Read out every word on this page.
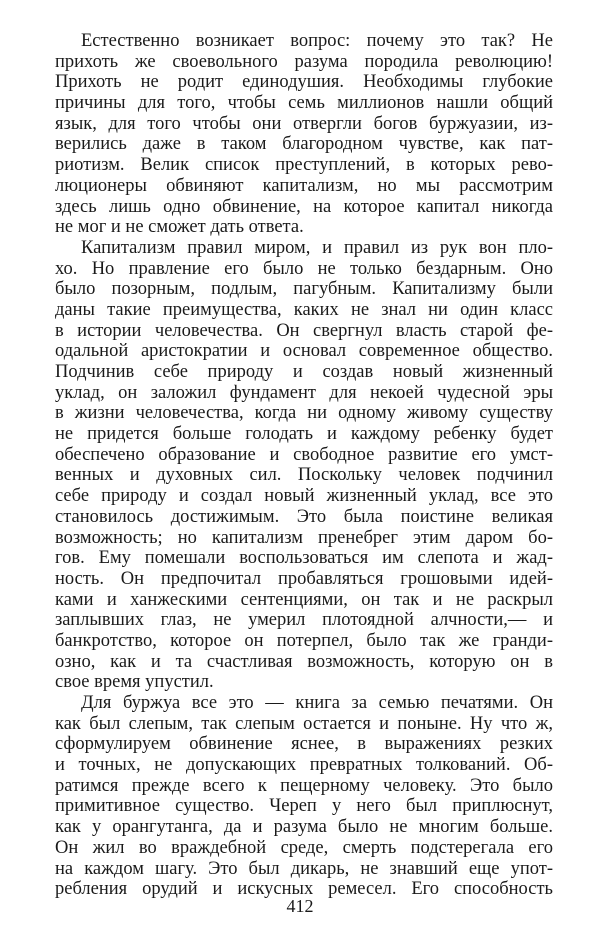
Естественно возникает вопрос: почему это так? Не
прихоть же своевольного разума породила революцию!
Прихоть не родит единодушия. Необходимы глубокие
причины для того, чтобы семь миллионов нашли общий
язык, для того чтобы они отвергли богов буржуазии, из-
верились даже в таком благородном чувстве, как пат-
риотизм. Велик список преступлений, в которых рево-
люционеры обвиняют капитализм, но мы рассмотрим
здесь лишь одно обвинение, на которое капитал никогда
не мог и не сможет дать ответа.
Капитализм правил миром, и правил из рук вон пло-
хо. Но правление его было не только бездарным. Оно
было позорным, подлым, пагубным. Капитализму были
даны такие преимущества, каких не знал ни один класс
в истории человечества. Он свергнул власть старой фе-
одальной аристократии и основал современное общество.
Подчинив себе природу и создав новый жизненный
уклад, он заложил фундамент для некоей чудесной эры
в жизни человечества, когда ни одному живому существу
не придется больше голодать и каждому ребенку будет
обеспечено образование и свободное развитие его умст-
венных и духовных сил. Поскольку человек подчинил
себе природу и создал новый жизненный уклад, все это
становилось достижимым. Это была поистине великая
возможность; но капитализм пренебрег этим даром бо-
гов. Ему помешали воспользоваться им слепота и жад-
ность. Он предпочитал пробавляться грошовыми идей-
ками и ханжескими сентенциями, он так и не раскрыл
заплывших глаз, не умерил плотоядной алчности,— и
банкротство, которое он потерпел, было так же гранди-
озно, как и та счастливая возможность, которую он в
свое время упустил.
Для буржуа все это — книга за семью печатями. Он
как был слепым, так слепым остается и поныне. Ну что ж,
сформулируем обвинение яснее, в выражениях резких
и точных, не допускающих превратных толкований. Об-
ратимся прежде всего к пещерному человеку. Это было
примитивное существо. Череп у него был приплюснут,
как у орангутанга, да и разума было не многим больше.
Он жил во враждебной среде, смерть подстерегала его
на каждом шагу. Это был дикарь, не знавший еще упот-
ребления орудий и искусных ремесел. Его способность
412
